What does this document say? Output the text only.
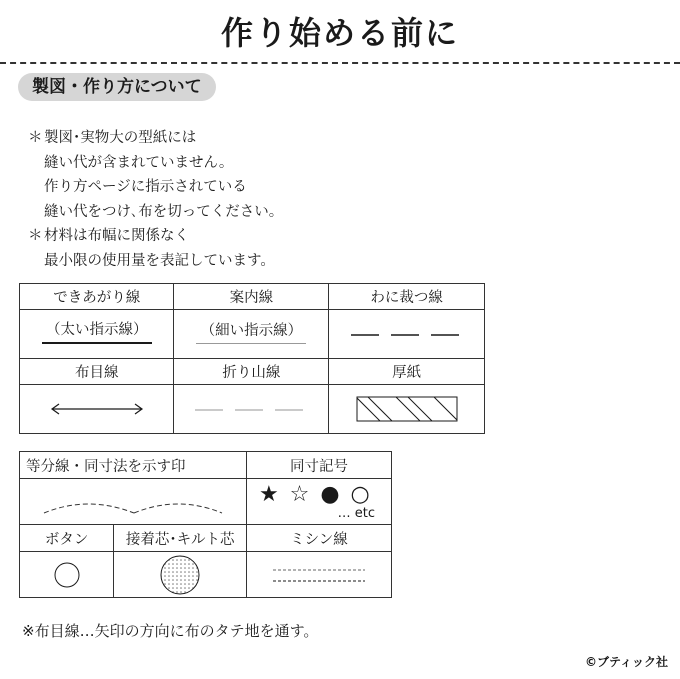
作り始める前に
製図・作り方について
＊ 製図･実物大の型紙には
縫い代が含まれていません。
作り方ページに指示されている
縫い代をつけ､布を切ってください。
＊ 材料は布幅に関係なく
最小限の使用量を表記しています。
できあがり線	案内線	わに裁つ線

（太い指示線）	（細い指示線）

布目線	折り山線	厚紙

等分線・同寸法を示す印		同寸記号

★ ☆ ● ○
… etc

ボタン	接着芯･キルト芯	ミシン線

※布目線…矢印の方向に布のタテ地を通す。
©ブティック社
